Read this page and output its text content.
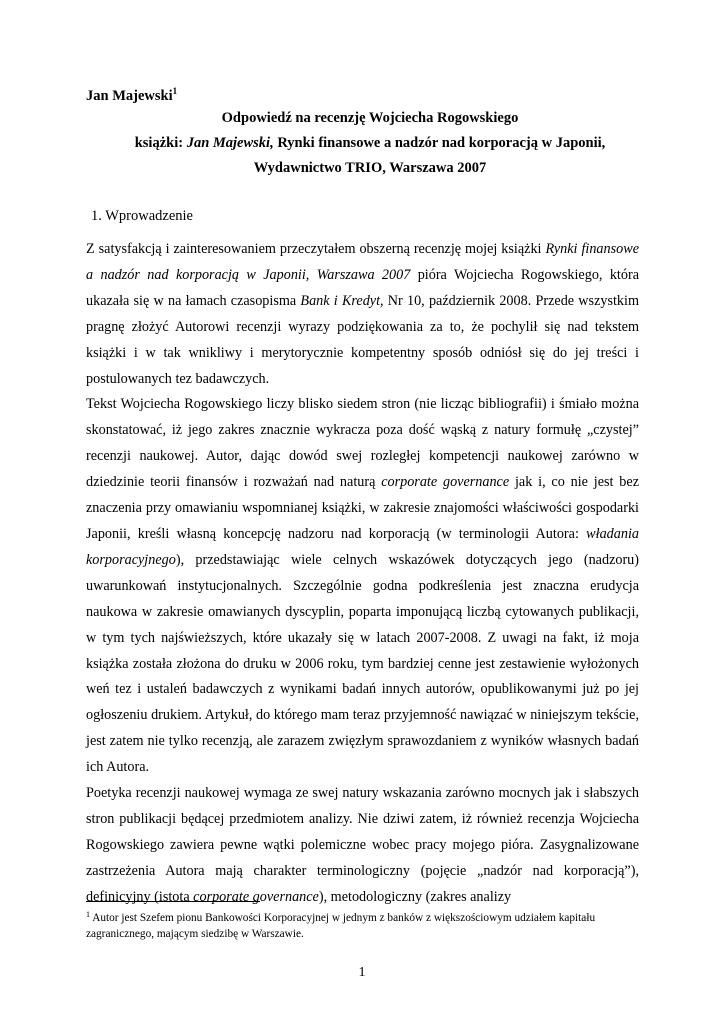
Jan Majewski$^1$
Odpowiedź na recenzję Wojciecha Rogowskiego
książki: Jan Majewski, Rynki finansowe a nadzór nad korporacją w Japonii,
Wydawnictwo TRIO, Warszawa 2007
1. Wprowadzenie

Z satysfakcją i zainteresowaniem przeczytałem obszerną recenzję mojej książki Rynki finansowe a nadzór nad korporacją w Japonii, Warszawa 2007 pióra Wojciecha Rogowskiego, która ukazała się w na łamach czasopisma Bank i Kredyt, Nr 10, październik 2008. Przede wszystkim pragnę złożyć Autorowi recenzji wyrazy podziękowania za to, że pochylił się nad tekstem książki i w tak wnikliwy i merytorycznie kompetentny sposób odniósł się do jej treści i postulowanych tez badawczych.

Tekst Wojciecha Rogowskiego liczy blisko siedem stron (nie licząc bibliografii) i śmiało można skonstatować, iż jego zakres znacznie wykracza poza dość wąską z natury formułę „czystej” recenzji naukowej. Autor, dając dowód swej rozległej kompetencji naukowej zarówno w dziedzinie teorii finansów i rozważań nad naturą corporate governance jak i, co nie jest bez znaczenia przy omawianiu wspomnianej książki, w zakresie znajomości właściwości gospodarki Japonii, kreśli własną koncepcję nadzoru nad korporacją (w terminologii Autora: władania korporacyjnego), przedstawiając wiele celnych wskazówek dotyczących jego (nadzoru) uwarunkowań instytucjonalnych. Szczególnie godna podkreślenia jest znaczna erudycja naukowa w zakresie omawianych dyscyplin, poparta imponującą liczbą cytowanych publikacji, w tym tych najświeższych, które ukazały się w latach 2007-2008. Z uwagi na fakt, iż moja książka została złożona do druku w 2006 roku, tym bardziej cenne jest zestawienie wyłożonych weń tez i ustaleń badawczych z wynikami badań innych autorów, opublikowanymi już po jej ogłoszeniu drukiem. Artykuł, do którego mam teraz przyjemność nawiązać w niniejszym tekście, jest zatem nie tylko recenzją, ale zarazem zwięzłym sprawozdaniem z wyników własnych badań ich Autora.

Poetyka recenzji naukowej wymaga ze swej natury wskazania zarówno mocnych jak i słabszych stron publikacji będącej przedmiotem analizy. Nie dziwi zatem, iż również recenzja Wojciecha Rogowskiego zawiera pewne wątki polemiczne wobec pracy mojego pióra. Zasygnalizowane zastrzeżenia Autora mają charakter terminologiczny (pojęcie „nadzór nad korporacją”), definicyjny (istota corporate governance), metodologiczny (zakres analizy

$^1$ Autor jest Szefem pionu Bankowości Korporacyjnej w jednym z banków z większościowym udziałem kapitału zagranicznego, mającym siedzibę w Warszawie.
1
